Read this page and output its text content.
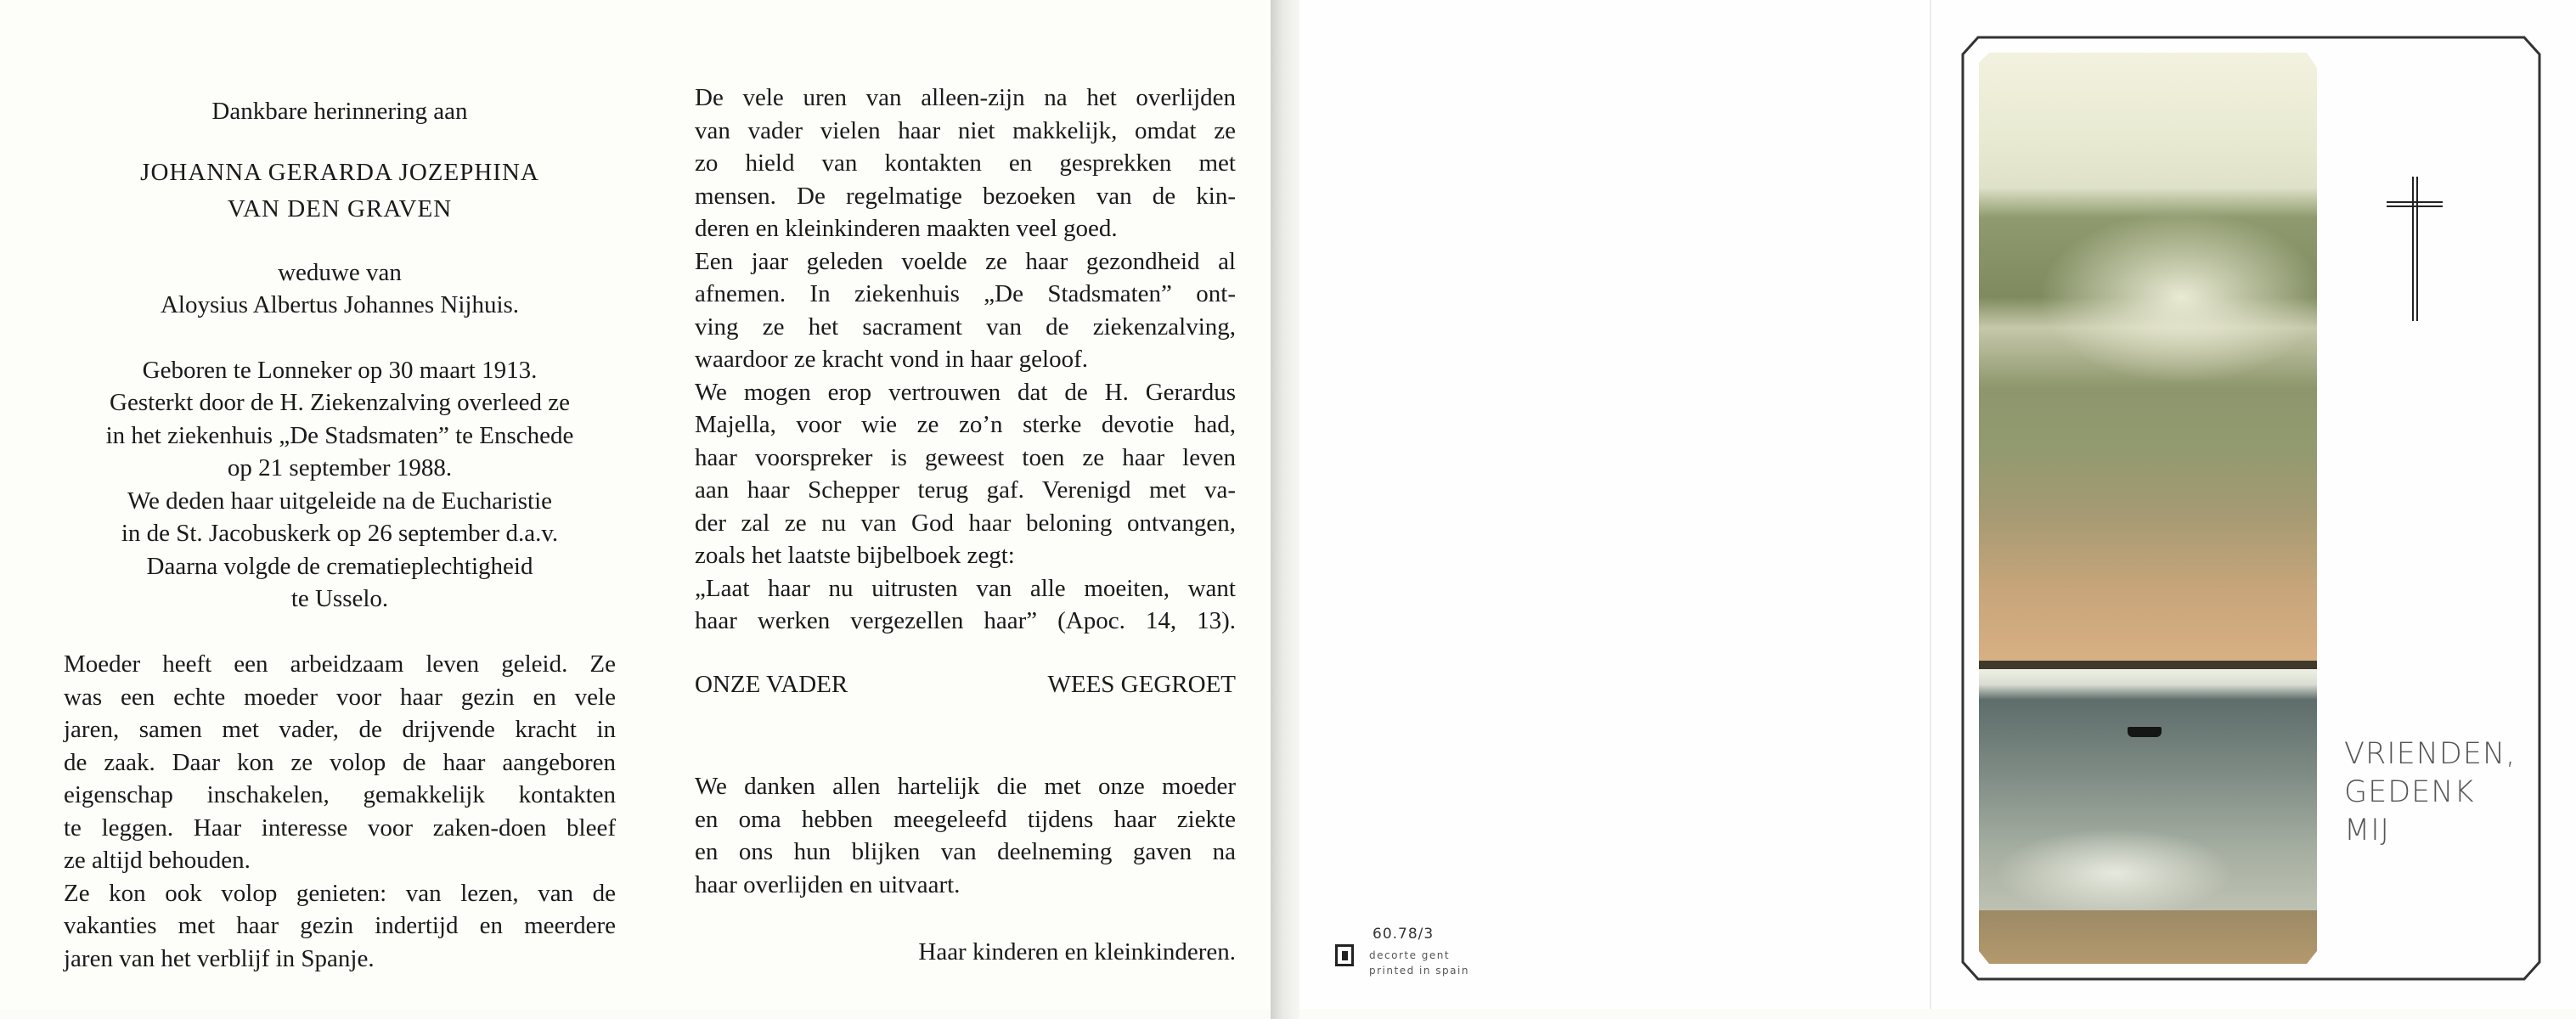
Dankbare herinnering aan
JOHANNA GERARDA JOZEPHINA
VAN DEN GRAVEN
weduwe van
Aloysius Albertus Johannes Nijhuis.
Geboren te Lonneker op 30 maart 1913.
Gesterkt door de H. Ziekenzalving overleed ze
in het ziekenhuis „De Stadsmaten” te Enschede
op 21 september 1988.
We deden haar uitgeleide na de Eucharistie
in de St. Jacobuskerk op 26 september d.a.v.
Daarna volgde de crematieplechtigheid
te Usselo.
Moeder heeft een arbeidzaam leven geleid. Ze
was een echte moeder voor haar gezin en vele
jaren, samen met vader, de drijvende kracht in
de zaak. Daar kon ze volop de haar aangeboren
eigenschap inschakelen, gemakkelijk kontakten
te leggen. Haar interesse voor zaken-doen bleef
ze altijd behouden.
Ze kon ook volop genieten: van lezen, van de
vakanties met haar gezin indertijd en meerdere
jaren van het verblijf in Spanje.
De vele uren van alleen-zijn na het overlijden
van vader vielen haar niet makkelijk, omdat ze
zo hield van kontakten en gesprekken met
mensen. De regelmatige bezoeken van de kin-
deren en kleinkinderen maakten veel goed.
Een jaar geleden voelde ze haar gezondheid al
afnemen. In ziekenhuis „De Stadsmaten” ont-
ving ze het sacrament van de ziekenzalving,
waardoor ze kracht vond in haar geloof.
We mogen erop vertrouwen dat de H. Gerardus
Majella, voor wie ze zo’n sterke devotie had,
haar voorspreker is geweest toen ze haar leven
aan haar Schepper terug gaf. Verenigd met va-
der zal ze nu van God haar beloning ontvangen,
zoals het laatste bijbelboek zegt:
„Laat haar nu uitrusten van alle moeiten, want
haar werken vergezellen haar” (Apoc. 14, 13).
ONZE VADER	WEES GEGROET
We danken allen hartelijk die met onze moeder
en oma hebben meegeleefd tijdens haar ziekte
en ons hun blijken van deelneming gaven na
haar overlijden en uitvaart.
Haar kinderen en kleinkinderen.
60.78/3
decorte gent
printed in spain
VRIENDEN,
GEDENK
MIJ
